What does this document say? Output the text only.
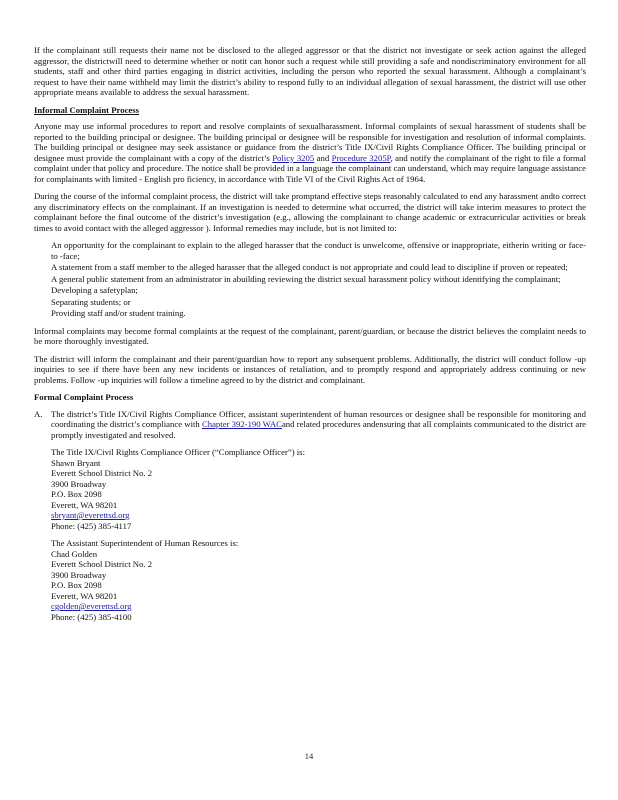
If the complainant still requests their name not be disclosed to the alleged aggressor or that the district not investigate or seek action against the alleged aggressor, the districtwill need to determine whether or notit can honor such a request while still providing a safe and nondiscriminatory environment for all students, staff and other third parties engaging in district activities, including the person who reported the sexual harassment. Although a complainant’s request to have their name withheld may limit the district’s ability to respond fully to an individual allegation of sexual harassment, the district will use other appropriate means available to address the sexual harassment.

Informal Complaint Process

Anyone may use informal procedures to report and resolve complaints of sexualharassment. Informal complaints of sexual harassment of students shall be reported to the building principal or designee. The building principal or designee will be responsible for investigation and resolution of informal complaints. The building principal or designee may seek assistance or guidance from the district’s Title IX/Civil Rights Compliance Officer. The building principal or designee must provide the complainant with a copy of the district’s Policy 3205 and Procedure 3205P, and notify the complainant of the right to file a formal complaint under that policy and procedure. The notice shall be provided in a language the complainant can understand, which may require language assistance for complainants with limited - English pro ficiency, in accordance with Title VI of the Civil Rights Act of 1964.

During the course of the informal complaint process, the district will take promptand effective steps reasonably calculated to end any harassment andto correct any discriminatory effects on the complainant. If an investigation is needed to determine what occurred, the district will take interim measures to protect the complainant before the final outcome of the district’s investigation (e.g., allowing the complainant to change academic or extracurricular activities or break times to avoid contact with the alleged aggressor ). Informal remedies may include, but is not limited to:

An opportunity for the complainant to explain to the alleged harasser that the conduct is unwelcome, offensive or inappropriate, eitherin writing or face- to -face;
A statement from a staff member to the alleged harasser that the alleged conduct is not appropriate and could lead to discipline if proven or repeated;
A general public statement from an administrator in abuilding reviewing the district sexual harassment policy without identifying the complainant;
Developing a safetyplan;
Separating students; or
Providing staff and/or student training.

Informal complaints may become formal complaints at the request of the complainant, parent/guardian, or because the district believes the complaint needs to be more thoroughly investigated.

The district will inform the complainant and their parent/guardian how to report any subsequent problems. Additionally, the district will conduct follow -up inquiries to see if there have been any new incidents or instances of retaliation, and to promptly respond and appropriately address continuing or new problems. Follow -up inquiries will follow a timeline agreed to by the district and complainant.

Formal Complaint Process
A. The district’s Title IX/Civil Rights Compliance Officer, assistant superintendent of human resources or designee shall be responsible for monitoring and coordinating the district’s compliance with Chapter 392-190 WACand related procedures andensuring that all complaints communicated to the district are promptly investigated and resolved.

The Title IX/Civil Rights Compliance Officer (“Compliance Officer”) is:
Shawn Bryant
Everett School District No. 2
3900 Broadway
P.O. Box 2098
Everett, WA 98201
sbryant@everettsd.org
Phone: (425) 385-4117
The Assistant Superintendent of Human Resources is:
Chad Golden
Everett School District No. 2
3900 Broadway
P.O. Box 2098
Everett, WA 98201
cgolden@everettsd.org
Phone: (425) 385-4100
14
